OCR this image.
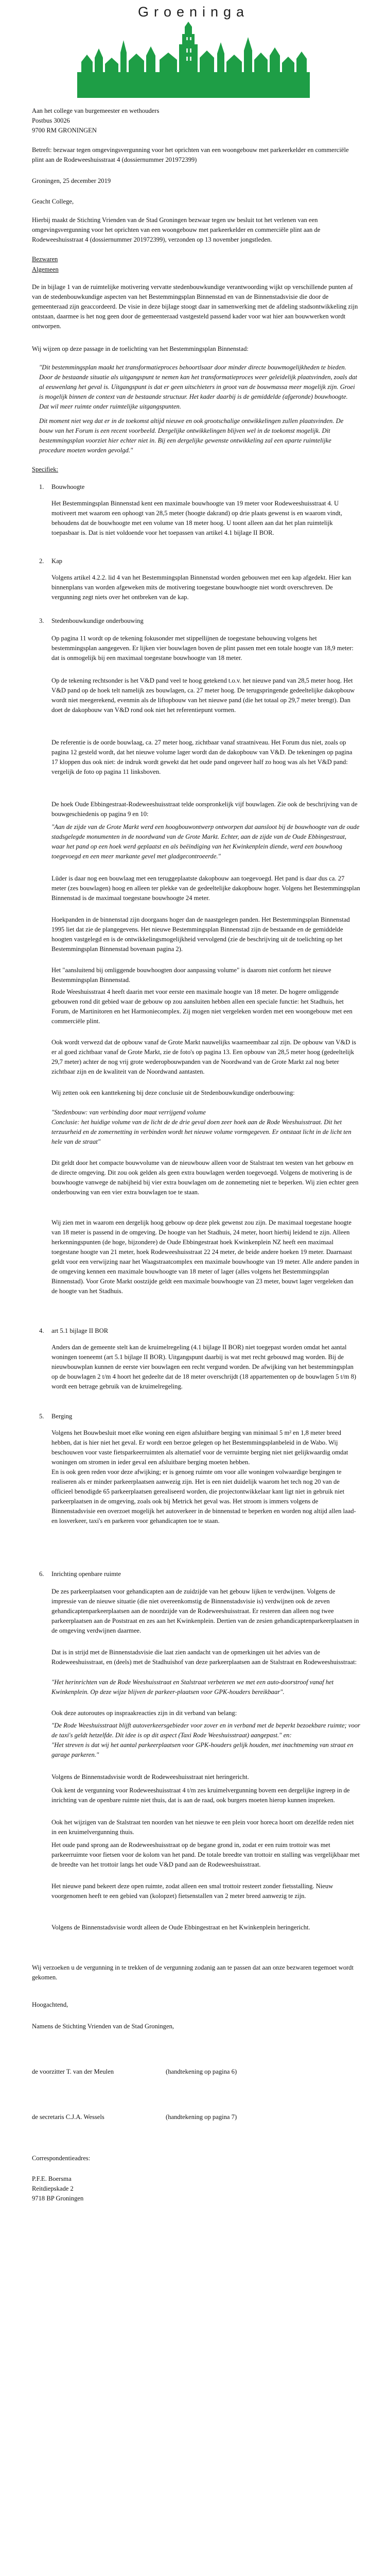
Groeninga

Aan het college van burgemeester en wethouders

Postbus 30026

9700 RM GRONINGEN

Betreft: bezwaar tegen omgevingsvergunning voor het oprichten van een woongebouw met parkeerkelder en commerciële plint aan de Rodeweeshuisstraat 4 (dossiernummer 201972399)
Groningen, 25 december 2019
Geacht College,
Hierbij maakt de Stichting Vrienden van de Stad Groningen bezwaar tegen uw besluit tot het verlenen van een omgevingsvergunning voor het oprichten van een woongebouw met parkeerkelder en commerciële plint aan de Rodeweeshuisstraat 4 (dossiernummer 201972399), verzonden op 13 november jongstleden.
Bezwaren
Algemeen
De in bijlage 1 van de ruimtelijke motivering vervatte stedenbouwkundige verantwoording wijkt op verschillende punten af van de stedenbouwkundige aspecten van het Bestemmingsplan Binnenstad en van de Binnenstadsvisie die door de gemeenteraad zijn geaccordeerd. De visie in deze bijlage stoogt daar in samenwerking met de afdeling stadsontwikkeling zijn ontstaan, daarmee is het nog geen door de gemeenteraad vastgesteld passend kader voor wat hier aan bouwwerken wordt ontworpen.
Wij wijzen op deze passage in de toelichting van het Bestemmingsplan Binnenstad:
"Dit bestemmingsplan maakt het transformatieproces behoortlsaar door minder directe bouwmogelijkheden te bieden. Door de bestaande situatie als uitgangspunt te nemen kan het transformatieproces weer geleidelijk plaatsvinden, zoals dat al eeuwenlang het geval is. Uitgangspunt is dat er geen uitschieters in groot van de bouwmassa meer mogelijk zijn. Groei is mogelijk binnen de context van de bestaande structuur. Het kader daarbij is de gemiddelde (afgeronde) bouwhoogte. Dat wil meer ruimte onder ruimtelijke uitgangspunten.
Dit moment niet weg dat er in de toekomst altijd nieuwe en ook grootschalige ontwikkelingen zullen plaatsvinden. De bouw van het Forum is een recent voorbeeld. Dergelijke ontwikkelingen blijven wel in de toekomst mogelijk. Dit bestemmingsplan voorziet hier echter niet in. Bij een dergelijke gewenste ontwikkeling zal een aparte ruimtelijke procedure moeten worden gevolgd."
Specifiek:
1.	Bouwhoogte
Het Bestemmingsplan Binnenstad kent een maximale bouwhoogte van 19 meter voor Rodeweeshuisstraat 4. U motiveert met waarom een ophoogt van 28,5 meter (hoogte dakrand) op drie plaats gewenst is en waarom vindt, behoudens dat de bouwhoogte met een volume van 18 meter hoog. U toont alleen aan dat het plan ruimtelijk toepasbaar is. Dat is niet voldoende voor het toepassen van artikel 4.1 bijlage II BOR.
2.	Kap
Volgens artikel 4.2.2. lid 4 van het Bestemmingsplan Binnenstad worden gebouwen met een kap afgedekt. Hier kan binnenplans van worden afgeweken mits de motivering toegestane bouwhoogte niet wordt overschreven. De vergunning zegt niets over het ontbreken van de kap.
3.	Stedenbouwkundige onderbouwing
Op pagina 11 wordt op de tekening fokusonder met stippellijnen de toegestane behouwing volgens het bestemmingsplan aangegeven. Er lijken vier bouwlagen boven de plint passen met een totale hoogte van 18,9 meter: dat is onmogelijk bij een maximaal toegestane bouwhoogte van 18 meter.
Op de tekening rechtsonder is het V&D pand veel te hoog getekend t.o.v. het nieuwe pand van 28,5 meter hoog. Het V&D pand op de hoek telt namelijk zes bouwlagen, ca. 27 meter hoog. De terugspringende gedeeltelijke dakopbouw wordt niet meegerekend, evenmin als de liftopbouw van het nieuwe pand (die het totaal op 29,7 meter brengt). Dan doet de dakopbouw van V&D rond ook niet het referentiepunt vormen.
De referentie is de oorde bouwlaag, ca. 27 meter hoog, zichtbaar vanaf straatniveau. Het Forum dus niet, zoals op pagina 12 gesteld wordt, dat het nieuwe volume lager wordt dan de dakopbouw van V&D. De tekeningen op pagina 17 kloppen dus ook niet: de indruk wordt gewekt dat het oude pand ongeveer half zo hoog was als het V&D pand: vergelijk de foto op pagina 11 linksboven.
De hoek Oude Ebbingestraat-Rodeweeshuisstraat telde oorspronkelijk vijf bouwlagen. Zie ook de beschrijving van de bouwgeschiedenis op pagina 9 en 10:
"Aan de zijde van de Grote Markt werd een hoogbouwontwerp ontworpen dat aansloot bij de bouwhoogte van de oude stadsgelegde monumenten in de noordwand van de Grote Markt. Echter, aan de zijde van de Oude Ebbingestraat, waar het pand op een hoek werd geplaatst en als beëindiging van het Kwinkenplein diende, werd een bouwhoog toegevoegd en een meer markante gevel met gladgecontroeerde."
Lüder is daar nog een bouwlaag met een teruggeplaatste dakopbouw aan toegevoegd. Het pand is daar dus ca. 27 meter (zes bouwlagen) hoog en alleen ter plekke van de gedeeltelijke dakopbouw hoger. Volgens het Bestemmingsplan Binnenstad is de maximaal toegestane bouwhoogte 24 meter.
Hoekpanden in de binnenstad zijn doorgaans hoger dan de naastgelegen panden. Het Bestemmingsplan Binnenstad 1995 liet dat zie de plangegevens. Het nieuwe Bestemmingsplan Binnenstad zijn de bestaande en de gemiddelde hoogten vastgelegd en is de ontwikkelingsmogelijkheid vervolgend (zie de beschrijving uit de toelichting op het Bestemmingsplan Binnenstad bovenaan pagina 2).
Het "aansluitend bij omliggende bouwhoogten door aanpassing volume" is daarom niet conform het nieuwe Bestemmingsplan Binnenstad.
Rode Weeshuisstraat 4 heeft daarin met voor eerste een maximale hoogte van 18 meter. De hogere omliggende gebouwen rond dit gebied waar de gebouw op zou aansluiten hebben allen een speciale functie: het Stadhuis, het Forum, de Martinitoren en het Harmoniecomplex. Zij mogen niet vergeleken worden met een woongebouw met een commerciële plint.
Ook wordt verwezd dat de opbouw vanaf de Grote Markt nauwelijks waarneembaar zal zijn. De opbouw van V&D is er al goed zichtbaar vanaf de Grote Markt, zie de foto's op pagina 13. Een opbouw van 28,5 meter hoog (gedeeltelijk 29,7 meter) achter de nog vrij grote wederopbouwpanden van de Noordwand van de Grote Markt zal nog beter zichtbaar zijn en de kwaliteit van de Noordwand aantasten.
Wij zetten ook een kanttekening bij deze conclusie uit de Stedenbouwkundige onderbouwing:
"Stedenbouw: van verbinding door maat verrijgend volume
Conclusie: het huidige volume van de licht de de drie geval doen zeer hoek aan de Rode Weeshuisstraat. Dit het terzuurheid en de zomernetting in verbinden wordt het nieuwe volume vormgegeven. Er ontstaat licht in de licht ten hele van de straat"
Dit geldt door het compacte bouwvolume van de nieuwbouw alleen voor de Stalstraat ten westen van het gebouw en de directe omgeving. Dit zou ook gelden als geen extra bouwlagen werden toegevoegd. Volgens de motivering is de bouwhoogte vanwege de nabijheid bij vier extra bouwlagen om de zonnemeting niet te beperken. Wij zien echter geen onderbouwing van een vier extra bouwlagen toe te staan.
Wij zien met in waarom een dergelijk hoog gebouw op deze plek gewenst zou zijn. De maximaal toegestane hoogte van 18 meter is passend in de omgeving. De hoogte van het Stadhuis, 24 meter, hoort hierbij leidend te zijn. Alleen herkenningspunten (de hoge, bijzondere) de Oude Ebbingestraat hoek Kwinkenplein NZ heeft een maximaal toegestane hoogte van 21 meter, hoek Rodeweeshuisstraat 22 24 meter, de beide andere hoeken 19 meter. Daarnaast geldt voor een verwijzing naar het Waagstraatcomplex een maximale bouwhoogte van 19 meter. Alle andere panden in de omgeving kennen een maximale bouwhoogte van 18 meter of lager (alles volgens het Bestemmingsplan Binnenstad). Voor Grote Markt oostzijde geldt een maximale bouwhoogte van 23 meter, bouwt lager vergeleken dan de hoogte van het Stadhuis.
4.	art 5.1 bijlage II BOR
Anders dan de gemeente stelt kan de kruimelregeling (4.1 bijlage II BOR) niet toegepast worden omdat het aantal woningen toeneemt (art 5.1 bijlage II BOR). Uitgangspunt daarbij is wat met recht gebouwd mag worden. Bij de nieuwbouwplan kunnen de eerste vier bouwlagen een recht vergund worden. De afwijking van het bestemmingsplan op de bouwlagen 2 t/m 4 hoort het gedeelte dat de 18 meter overschrijdt (18 appartementen op de bouwlagen 5 t/m 8) wordt een betrage gebruik van de kruimelregeling.
5.	Berging
Volgens het Bouwbesluit moet elke woning een eigen afsluitbare berging van minimaal 5 m² en 1,8 meter breed hebben, dat is hier niet het geval. Er wordt een berzoe gelegen op het Bestemmingsplanbeleid in de Wabo. Wij beschouwen voor vaste fietsparkeerruimten als alternatief voor de verruimte berging niet niet gelijkwaardig omdat woningen om stromen in ieder geval een afsluitbare berging moeten hebben.
En is ook geen reden voor deze afwijking; er is genoeg ruimte om voor alle woningen volwaardige bergingen te realiseren als er minder parkeerplaatsen aanwezig zijn. Het is een niet duidelijk waarom het tech nog 20 van de officieel benodigde 65 parkeerplaatsen gerealiseerd worden, die projectontwikkelaar kant ligt niet in gebruik niet parkeerplaatsen in de omgeving, zoals ook bij Metrick het geval was. Het stroom is immers volgens de Binnenstadsvisie een overzoet mogelijk het autoverkeer in de binnenstad te beperken en worden nog altijd allen laad- en losverkeer, taxi's en parkeren voor gehandicapten toe te staan.
6.	Inrichting openbare ruimte
De zes parkeerplaatsen voor gehandicapten aan de zuidzijde van het gebouw lijken te verdwijnen. Volgens de impressie van de nieuwe situatie (die niet overeenkomstig de Binnenstadsvisie is) verdwijnen ook de zeven gehandicaptenparkeerplaatsen aan de noordzijde van de Rodeweeshuisstraat. Er resteren dan alleen nog twee parkeerplaatsen aan de Poststraat en zes aan het Kwinkenplein. Dertien van de zesien gehandicaptenparkeerplaatsen in de omgeving verdwijnen daarmee.
Dat is in strijd met de Binnenstadsvisie die laat zien aandacht van de opmerkingen uit het advies van de Rodeweeshuisstraat, en (deels) met de Stadhuishof van deze parkeerplaatsen aan de Stalstraat en Rodeweeshuisstraat:
"Het herinrichten van de Rode Weeshuisstraat en Stalstraat verbeteren we met een auto-doorstroof vanaf het Kwinkenplein. Op deze wijze blijven de parkeer-plaatsen voor GPK-houders bereikbaar".
Ook deze autoroutes op inspraakreacties zijn in dit verband van belang:
"De Rode Weeshuisstraat blijft autoverkeersgebieder voor zover en in verband met de beperkt bezoekbare ruimte; voor de taxi's geldt hetzelfde. Dit idee is op dit aspect (Taxi Rode Weeshuisstraat) aangepast." en:
"Het streven is dat wij het aantal parkeerplaatsen voor GPK-houders gelijk houden, met inachtneming van straat en garage parkeren."
Volgens de Binnenstadsvisie wordt de Rodeweeshuisstraat niet heringericht.
Ook kent de vergunning voor Rodeweeshuisstraat 4 t/m zes kruimelvergunning bovem een dergelijke ingreep in de inrichting van de openbare ruimte niet thuis, dat is aan de raad, ook burgers moeten hierop kunnen inspreken.
Ook het wijzigen van de Stalstraat ten noorden van het nieuwe te een plein voor horeca hoort om dezelfde reden niet in een kruimelvergunning thuis.
Het oude pand sprong aan de Rodeweeshuisstraat op de begane grond in, zodat er een ruim trottoir was met parkeerruimte voor fietsen voor de kolom van het pand. De totale breedte van trottoir en stalling was vergelijkbaar met de breedte van het trottoir langs het oude V&D pand aan de Rodeweeshuisstraat.
Het nieuwe pand bekeert deze open ruimte, zodat alleen een smal trottoir resteert zonder fietsstalling. Nieuw voorgenomen heeft te een gebied van (kolopzet) fietsenstallen van 2 meter breed aanwezig te zijn.
Volgens de Binnenstadsvisie wordt alleen de Oude Ebbingestraat en het Kwinkenplein heringericht.
Wij verzoeken u de vergunning in te trekken of de vergunning zodanig aan te passen dat aan onze bezwaren tegemoet wordt gekomen.
Hoogachtend,
Namens de Stichting Vrienden van de Stad Groningen,
de voorzitter T. van der Meulen	(handtekening op pagina 6)
de secretaris C.J.A. Wessels	(handtekening op pagina 7)
Correspondentieadres:

P.F.E. Boersma

Reitdiepskade 2

9718 BP Groningen
